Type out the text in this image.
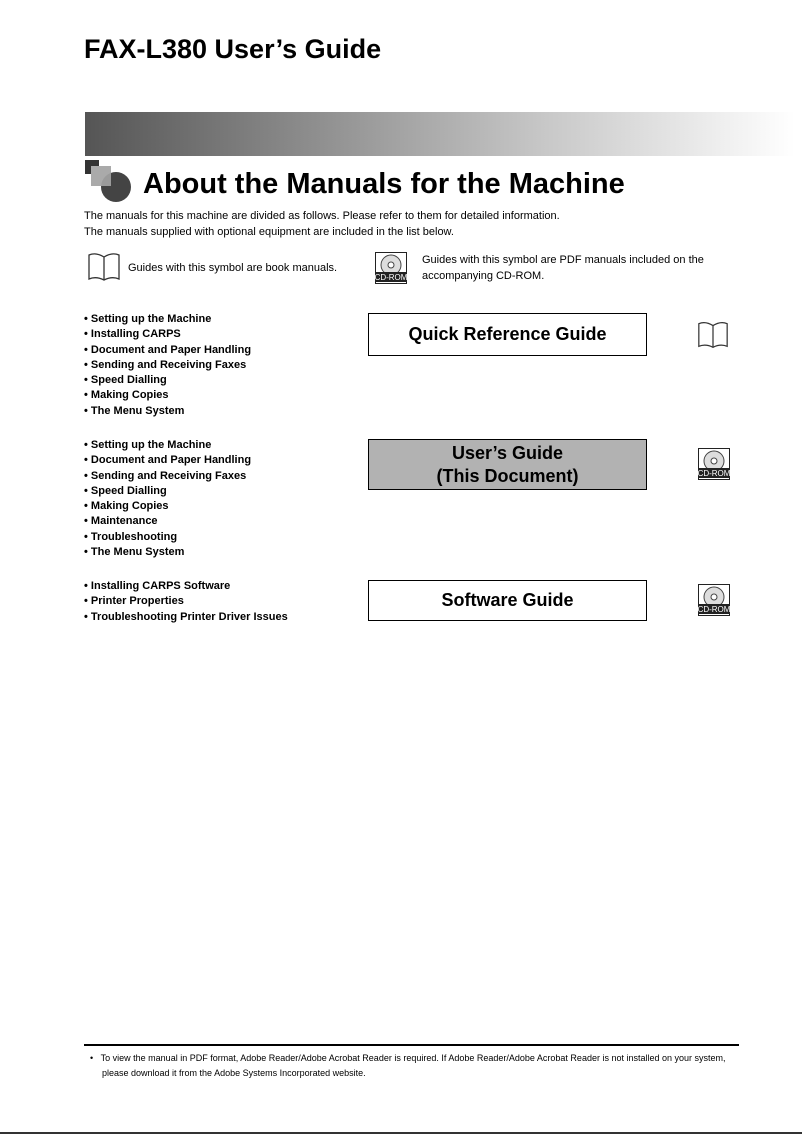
FAX-L380 User’s Guide
About the Manuals for the Machine
The manuals for this machine are divided as follows. Please refer to them for detailed information.
The manuals supplied with optional equipment are included in the list below.
Guides with this symbol are book manuals.
CD-ROM
Guides with this symbol are PDF manuals included on the accompanying CD-ROM.
• Setting up the Machine
• Installing CARPS
• Document and Paper Handling
• Sending and Receiving Faxes
• Speed Dialling
• Making Copies
• The Menu System
Quick Reference Guide
• Setting up the Machine
• Document and Paper Handling
• Sending and Receiving Faxes
• Speed Dialling
• Making Copies
• Maintenance
• Troubleshooting
• The Menu System
User’s Guide
(This Document)	CD-ROM
• Installing CARPS Software
• Printer Properties
• Troubleshooting Printer Driver Issues
Software Guide	CD-ROM
•   To view the manual in PDF format, Adobe Reader/Adobe Acrobat Reader is required. If Adobe Reader/Adobe Acrobat Reader is not installed on your system, please download it from the Adobe Systems Incorporated website.
